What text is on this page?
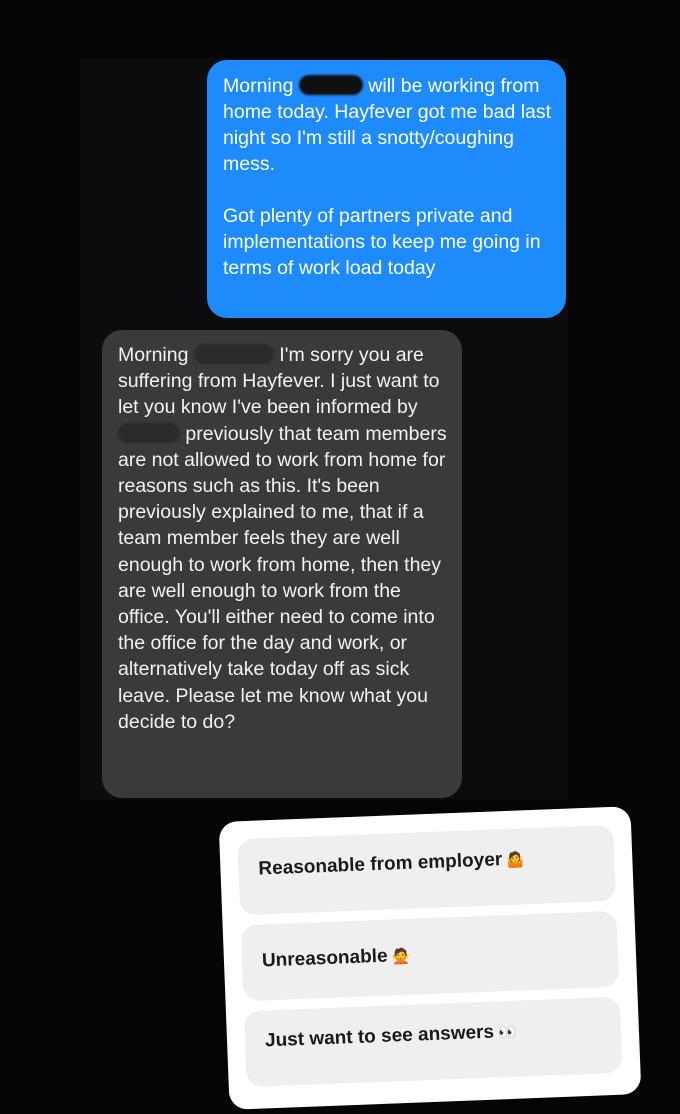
Morning	will be working from home today. Hayfever got me bad last night so I'm still a snotty/coughing mess.

Got plenty of partners private and implementations to keep me going in terms of work load today

Morning	I'm sorry you are suffering from Hayfever. I just want to let you know I've been informed by  previously that team members are not allowed to work from home for reasons such as this. It's been previously explained to me, that if a team member feels they are well enough to work from home, then they are well enough to work from the office. You'll either need to come into the office for the day and work, or alternatively take today off as sick leave. Please let me know what you decide to do?
Reasonable from employer 🤷
Unreasonable 🙅
Just want to see answers 👀
